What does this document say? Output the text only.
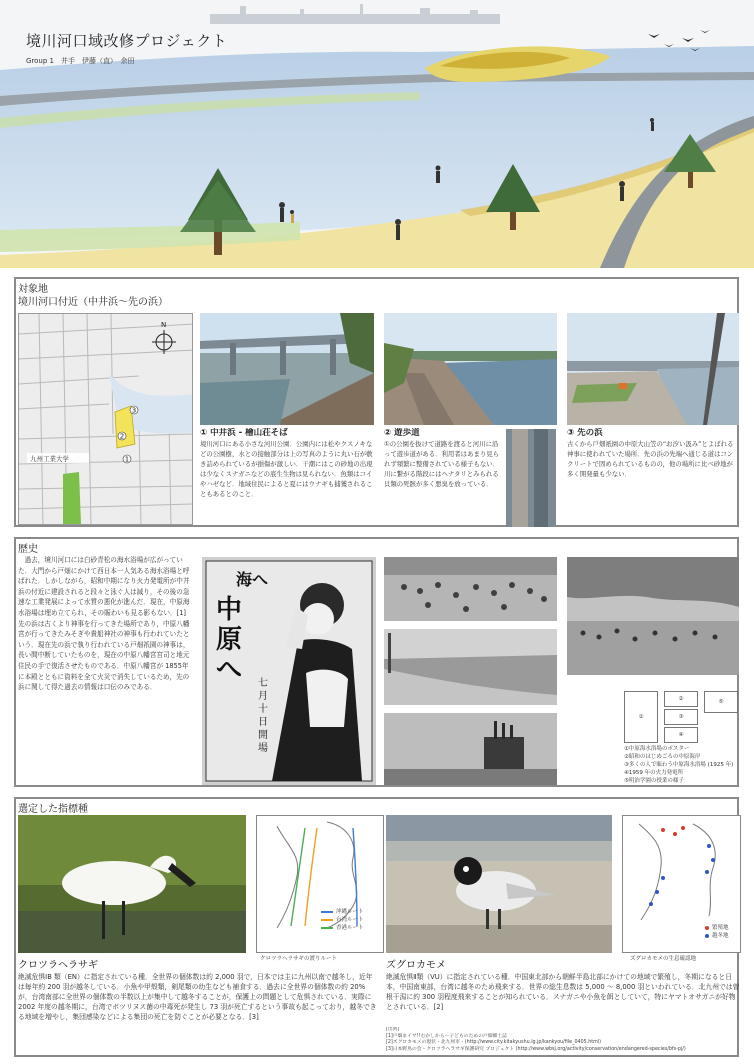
境川河口域改修プロジェクト
Group 1　井手　伊藤（直）　余田
対象地
境川河口付近（中井浜〜先の浜）
九州工業大学
3
2
1
N
① 中井浜 - 檜山荘そば
境川河口にある小さな河川公園．公園内には松やクスノキなどの公園樹，水との接触部分は上の写真のように丸い石が敷き詰められているが損傷が激しい．干潮にはこの砂地の出現は少なくスナガニなどの底生生物は見られない．魚類はコイやハゼなど．地域住民によると夏にはウナギも捕獲されることもあるとのこと．
② 遊歩道
①の公園を抜けて道路を渡ると河川に沿って遊歩道がある．利用者はあまり見られず頻繁に整備されている様子もない．川に繋がる階段にはヘナタリとみられる貝類の死骸が多く悪臭を放っている．
③ 先の浜
古くから戸畑祇園の中原大山笠の“お汐い汲み”とよばれる神事に使われていた場所．先の浜の先端へ通じる道はコンクリートで固められているものの，他の場所に比べ砂地が多く開発量も少ない．
歴史
過去，境川河口には白砂青松の海水浴場が広がっていた．大門から戸畑にかけて西日本一人気ある海水浴場と呼ばれた．しかしながら，昭和中期になり火力発電所が中井浜の付近に建設されると段々と泳ぐ人は減り，その後の急速な工業発展によって水質の悪化が進んだ．現在，中原海水浴場は埋め立てられ，その賑わいも見る影もない．[1]　先の浜は古くより神事を行ってきた場所であり，中原八幡宮が行ってきたみそぎや貴船神社の神事も行われていたという．現在先の浜で執り行われている戸畑祇園の神事は，長い間中断していたものを，現在の中原八幡宮宮司と地元住民の手で復活させたものである．中原八幡宮が 1855年に本殿とともに資料を全て火災で消失しているため，先の浜に関して得た過去の情報は口伝のみである．
中原へ
海へ
七月十日開場
①
②
③
④
⑤
①中原海水浴場のポスター
②昭和のはじめごろの中原海岸
③多くの人で賑わう中原海水浴場 (1925 年)
④1959 年の火力発電所
⑤明治学園の授業の様子
選定した指標種
沖縄ルート
台湾ルート
香港ルート
クロツラヘラサギの渡りルート
繁殖地
越冬地
ズグロカモメの生息確認地
クロツラヘラサギ
絶滅危惧ⅠB 類（EN）に指定されている種．全世界の個体数は約 2,000 羽で，日本では主に九州以南で越冬し，近年は毎年約 200 羽が越冬している．小魚や甲殻類，剣尾類の幼生なども補食する．過去に全世界の個体数の約 20%が，台湾南部に全世界の個体数の半数以上が集中して越冬することが，保護上の問題として危惧されている．実際に 2002 年度の越冬期に，台湾でボツリヌス菌の中毒死が発生し 73 羽が死亡するという事故も起こっており，越冬できる地域を増やし，集団感染などによる集団の死亡を防ぐことが必要となる．[3]
ズグロカモメ
絶滅危惧Ⅱ類（VU）に指定されている種．中国東北部から朝鮮半島北部にかけての地域で繁殖し，冬期になると日本，中国南東部，台湾に越冬のため飛来する．世界の総生息数は 5,000 〜 8,000 羽といわれている．北九州では曽根干潟に約 300 羽程度飛来することが知られている．スナガニや小魚を餌としていて，特にヤマトオサガニが好物とされている．[2]
[出典]
[1]戸畑まイサ!!むかしからー子どものための戸畑郷土誌
[2]ズグロカモメの現状 - 北九州市 - (http://www.city.kitakyushu.lg.jp/kankyou/file_0405.html)
[3]日本野鳥の会 - クロツラヘラサギ保護研究 プロジェクト (http://www.wbsj.org/activity/conservation/endangered-species/bfs-pj/)
